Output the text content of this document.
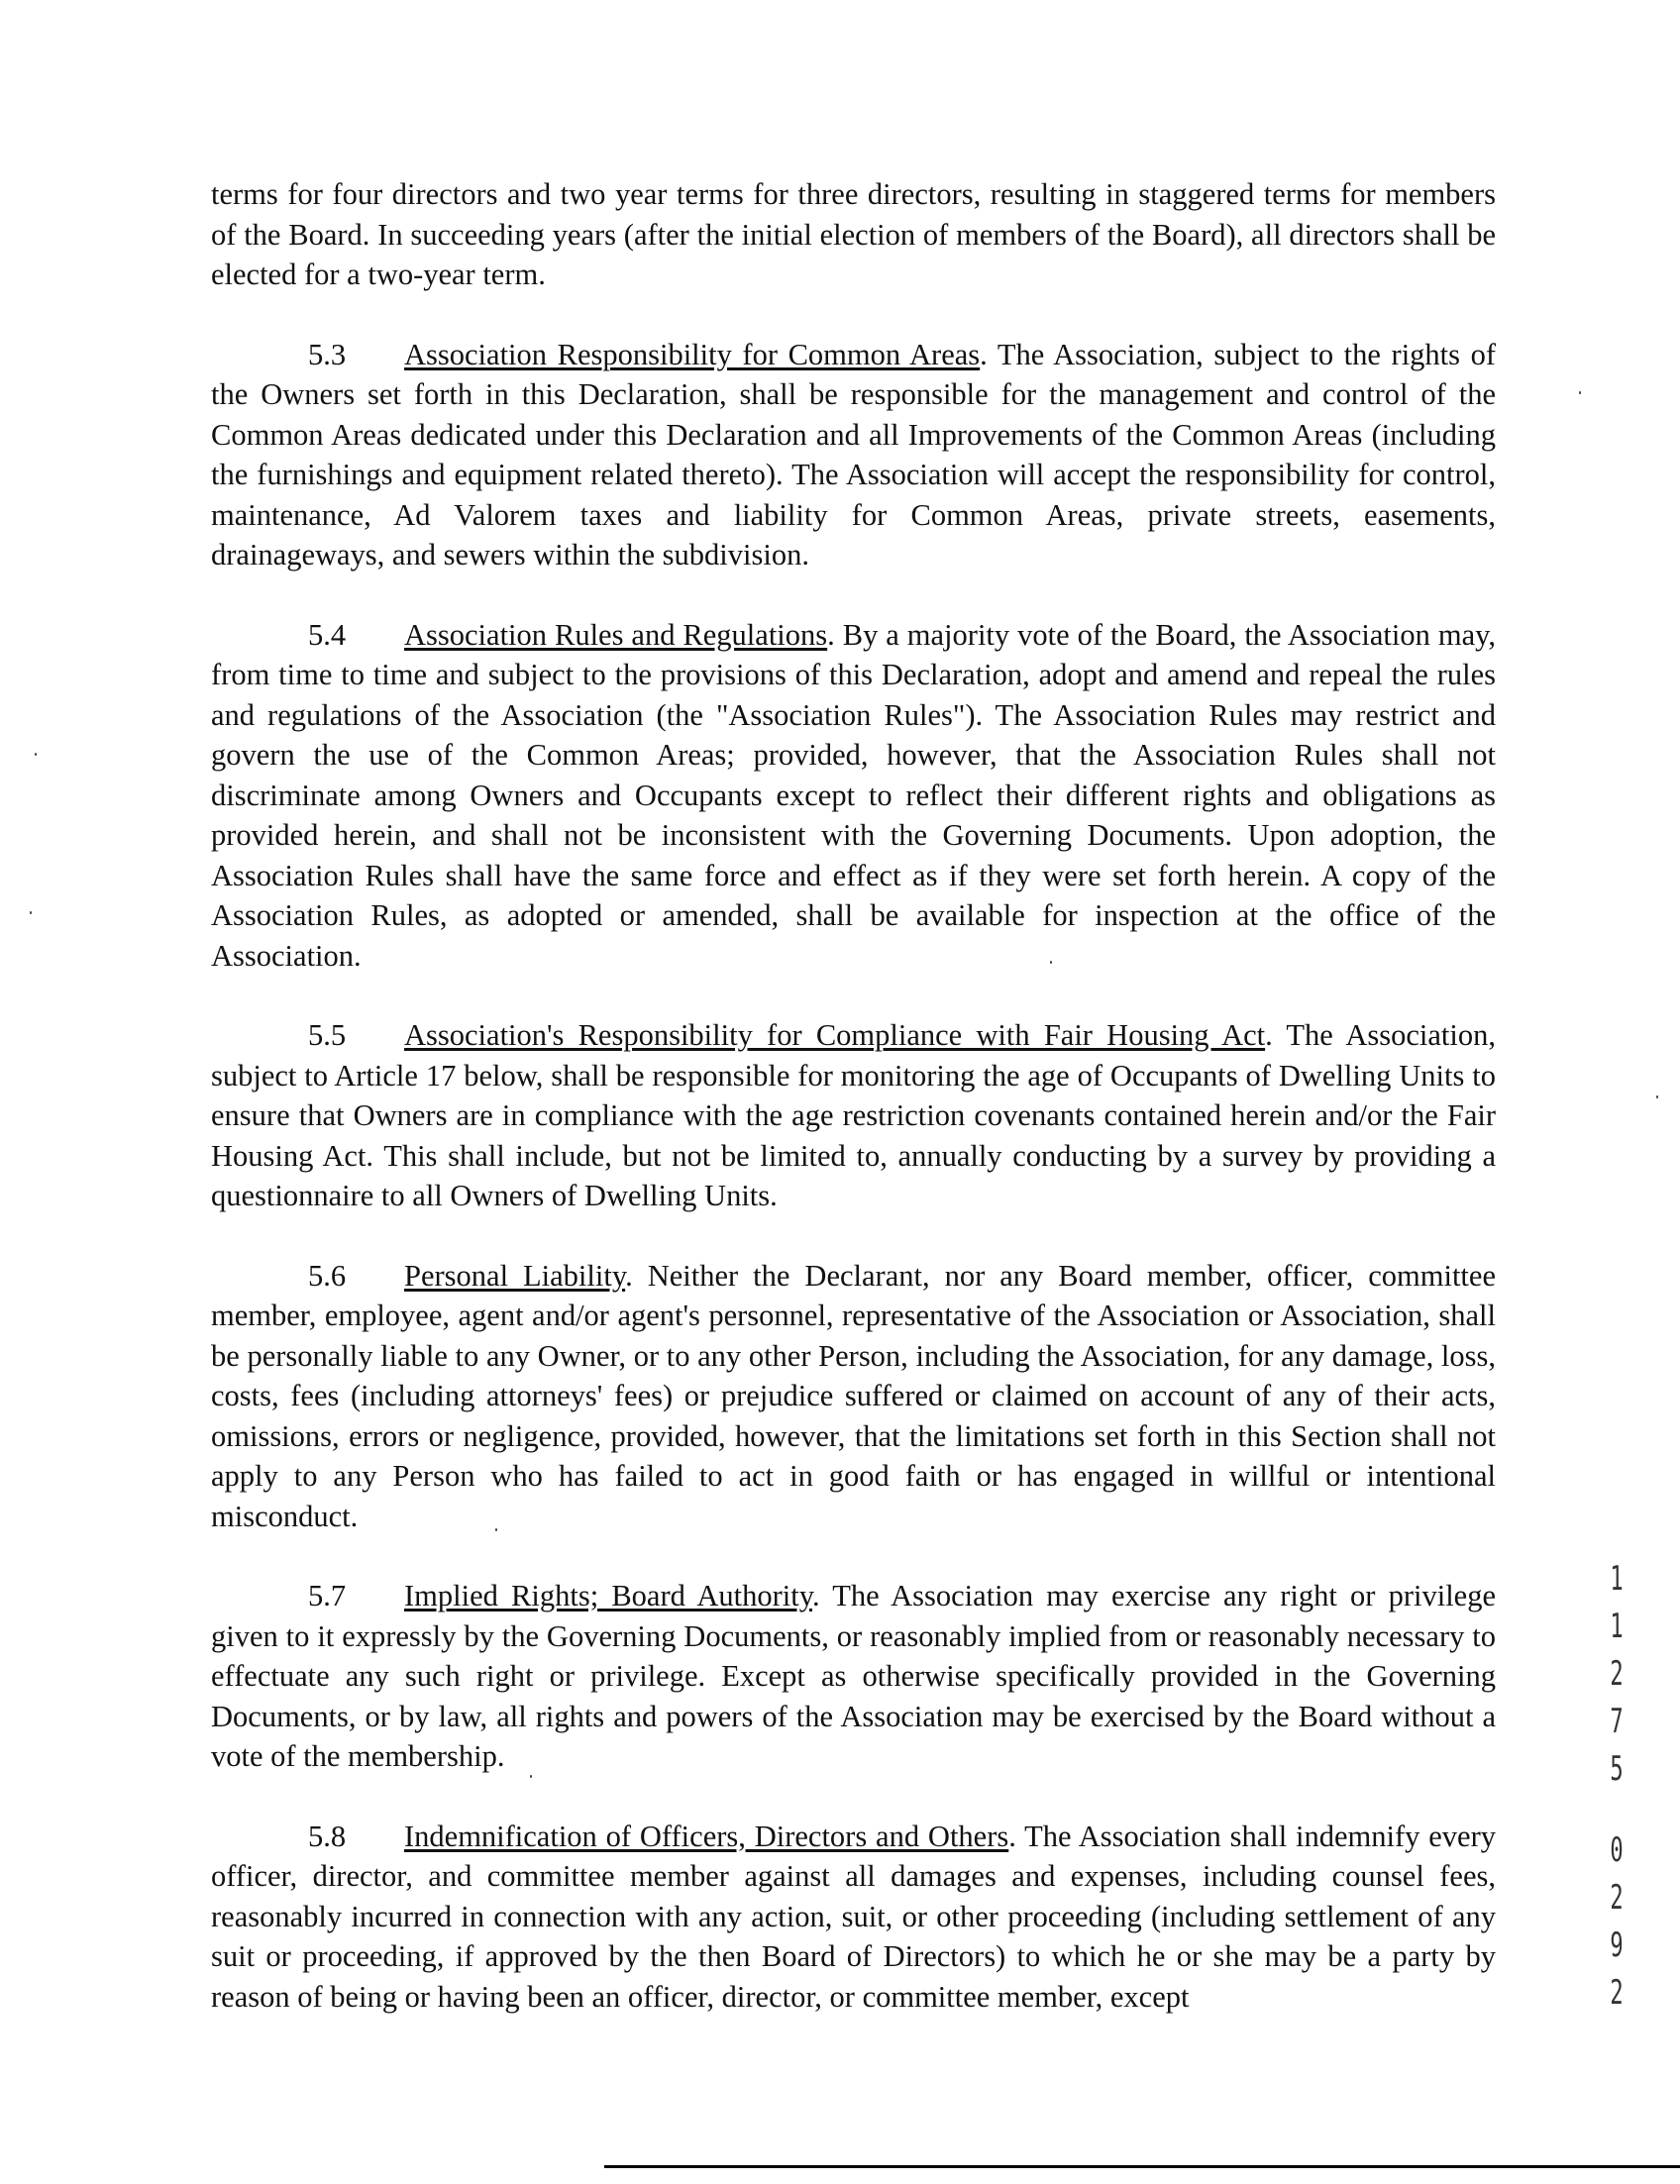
terms for four directors and two year terms for three directors, resulting in staggered terms for members of the Board. In succeeding years (after the initial election of members of the Board), all directors shall be elected for a two-year term.

5.3 Association Responsibility for Common Areas. The Association, subject to the rights of the Owners set forth in this Declaration, shall be responsible for the management and control of the Common Areas dedicated under this Declaration and all Improvements of the Common Areas (including the furnishings and equipment related thereto). The Association will accept the responsibility for control, maintenance, Ad Valorem taxes and liability for Common Areas, private streets, easements, drainageways, and sewers within the subdivision.

5.4 Association Rules and Regulations. By a majority vote of the Board, the Association may, from time to time and subject to the provisions of this Declaration, adopt and amend and repeal the rules and regulations of the Association (the "Association Rules"). The Association Rules may restrict and govern the use of the Common Areas; provided, however, that the Association Rules shall not discriminate among Owners and Occupants except to reflect their different rights and obligations as provided herein, and shall not be inconsistent with the Governing Documents. Upon adoption, the Association Rules shall have the same force and effect as if they were set forth herein. A copy of the Association Rules, as adopted or amended, shall be available for inspection at the office of the Association.

5.5 Association's Responsibility for Compliance with Fair Housing Act. The Association, subject to Article 17 below, shall be responsible for monitoring the age of Occupants of Dwelling Units to ensure that Owners are in compliance with the age restriction covenants contained herein and/or the Fair Housing Act. This shall include, but not be limited to, annually conducting by a survey by providing a questionnaire to all Owners of Dwelling Units.

5.6 Personal Liability. Neither the Declarant, nor any Board member, officer, committee member, employee, agent and/or agent's personnel, representative of the Association or Association, shall be personally liable to any Owner, or to any other Person, including the Association, for any damage, loss, costs, fees (including attorneys' fees) or prejudice suffered or claimed on account of any of their acts, omissions, errors or negligence, provided, however, that the limitations set forth in this Section shall not apply to any Person who has failed to act in good faith or has engaged in willful or intentional misconduct.

5.7 Implied Rights; Board Authority. The Association may exercise any right or privilege given to it expressly by the Governing Documents, or reasonably implied from or reasonably necessary to effectuate any such right or privilege. Except as otherwise specifically provided in the Governing Documents, or by law, all rights and powers of the Association may be exercised by the Board without a vote of the membership.

5.8 Indemnification of Officers, Directors and Others. The Association shall indemnify every officer, director, and committee member against all damages and expenses, including counsel fees, reasonably incurred in connection with any action, suit, or other proceeding (including settlement of any suit or proceeding, if approved by the then Board of Directors) to which he or she may be a party by reason of being or having been an officer, director, or committee member, except

1
1
2
7
5
0
2
9
2
